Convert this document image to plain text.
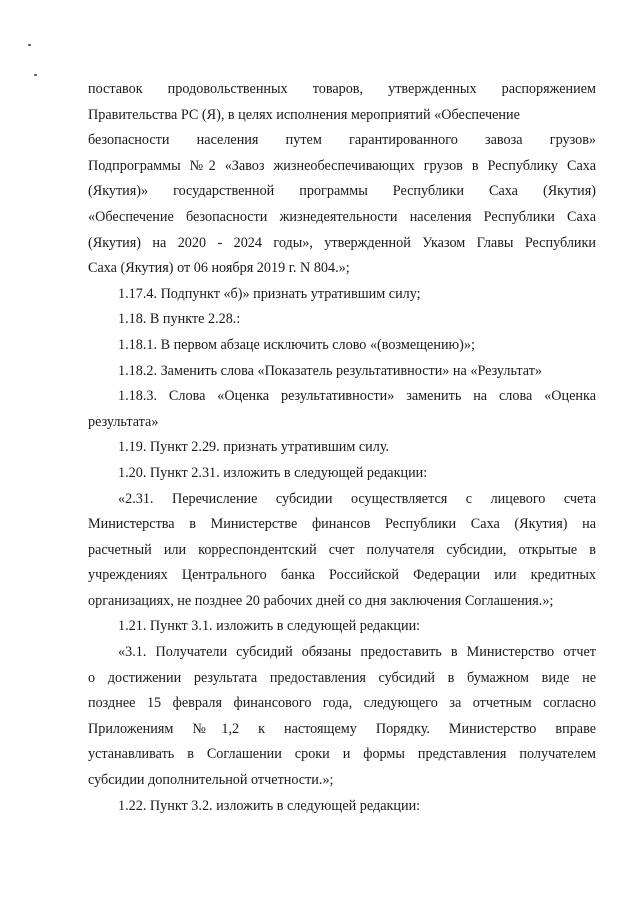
поставок продовольственных товаров, утвержденных распоряжением
Правительства РС (Я), в целях исполнения мероприятий «Обеспечение
безопасности населения путем гарантированного завоза грузов»
Подпрограммы №2 «Завоз жизнеобеспечивающих грузов в Республику Саха
(Якутия)» государственной программы Республики Саха (Якутия)
«Обеспечение безопасности жизнедеятельности населения Республики Саха
(Якутия) на 2020 - 2024 годы», утвержденной Указом Главы Республики
Саха (Якутия) от 06 ноября 2019 г. N 804.»;
1.17.4. Подпункт «б)» признать утратившим силу;
1.18. В пункте 2.28.:
1.18.1. В первом абзаце исключить слово «(возмещению)»;
1.18.2. Заменить слова «Показатель результативности» на «Результат»
1.18.3. Слова «Оценка результативности» заменить на слова «Оценка
результата»
1.19. Пункт 2.29. признать утратившим силу.
1.20. Пункт 2.31. изложить в следующей редакции:
«2.31. Перечисление субсидии осуществляется с лицевого счета
Министерства в Министерстве финансов Республики Саха (Якутия) на
расчетный или корреспондентский счет получателя субсидии, открытые в
учреждениях Центрального банка Российской Федерации или кредитных
организациях, не позднее 20 рабочих дней со дня заключения Соглашения.»;
1.21. Пункт 3.1. изложить в следующей редакции:
«3.1. Получатели субсидий обязаны предоставить в Министерство отчет
о достижении результата предоставления субсидий в бумажном виде не
позднее 15 февраля финансового года, следующего за отчетным согласно
Приложениям №1,2 к настоящему Порядку. Министерство вправе
устанавливать в Соглашении сроки и формы представления получателем
субсидии дополнительной отчетности.»;
1.22. Пункт 3.2. изложить в следующей редакции:
